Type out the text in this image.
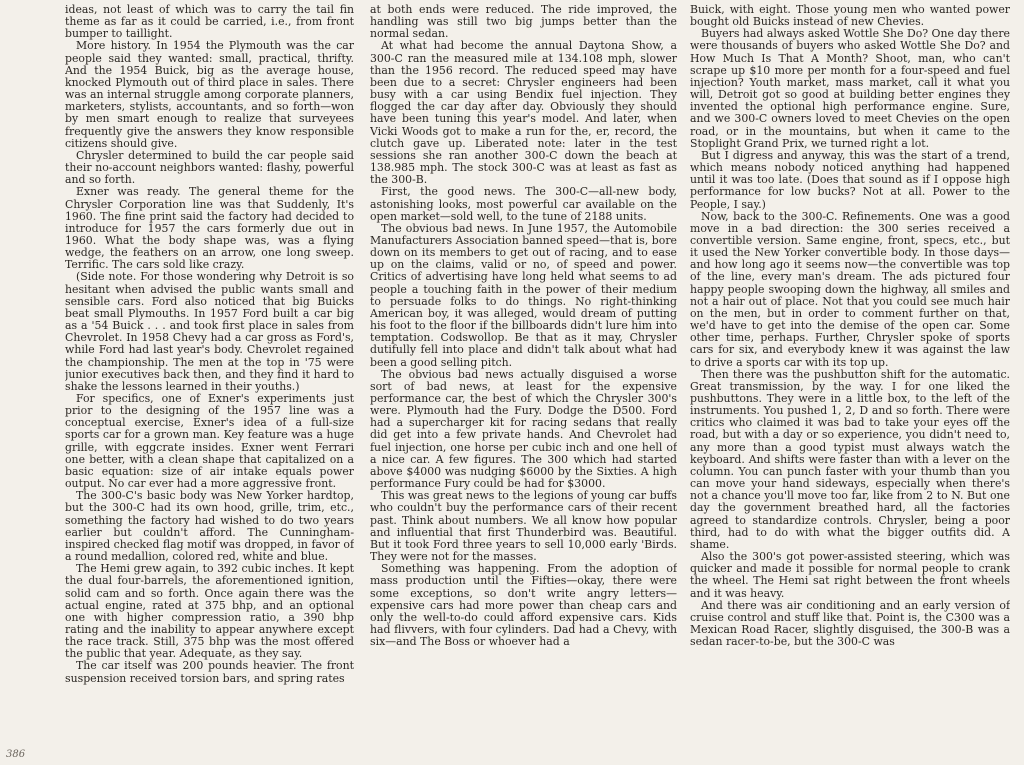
ideas, not least of which was to carry the tail fin theme as far as it could be carried, i.e., from front bumper to taillight.

More history. In 1954 the Plymouth was the car people said they wanted: small, practical, thrifty. And the 1954 Buick, big as the average house, knocked Plymouth out of third place in sales. There was an internal struggle among corporate planners, marketers, stylists, accountants, and so forth—won by men smart enough to realize that surveyees frequently give the answers they know responsible citizens should give.

Chrysler determined to build the car people said their no-account neighbors wanted: flashy, powerful and so forth.

Exner was ready. The general theme for the Chrysler Corporation line was that Suddenly, It's 1960. The fine print said the factory had decided to introduce for 1957 the cars formerly due out in 1960. What the body shape was, was a flying wedge, the feathers on an arrow, one long sweep. Terrific. The cars sold like crazy.

(Side note. For those wondering why Detroit is so hesitant when advised the public wants small and sensible cars. Ford also noticed that big Buicks beat small Plymouths. In 1957 Ford built a car big as a '54 Buick . . . and took first place in sales from Chevrolet. In 1958 Chevy had a car gross as Ford's, while Ford had last year's body. Chevrolet regained the championship. The men at the top in '75 were junior executives back then, and they find it hard to shake the lessons learned in their youths.)

For specifics, one of Exner's experiments just prior to the designing of the 1957 line was a conceptual exercise, Exner's idea of a full-size sports car for a grown man. Key feature was a huge grille, with eggcrate insides. Exner went Ferrari one better, with a clean shape that capitalized on a basic equation: size of air intake equals power output. No car ever had a more aggressive front.

The 300-C's basic body was New Yorker hardtop, but the 300-C had its own hood, grille, trim, etc., something the factory had wished to do two years earlier but couldn't afford. The Cunningham-inspired checked flag motif was dropped, in favor of a round medallion, colored red, white and blue.

The Hemi grew again, to 392 cubic inches. It kept the dual four-barrels, the aforementioned ignition, solid cam and so forth. Once again there was the actual engine, rated at 375 bhp, and an optional one with higher compression ratio, a 390 bhp rating and the inability to appear anywhere except the race track. Still, 375 bhp was the most offered the public that year. Adequate, as they say.

The car itself was 200 pounds heavier. The front suspension received torsion bars, and spring rates

at both ends were reduced. The ride improved, the handling was still two big jumps better than the normal sedan.

At what had become the annual Daytona Show, a 300-C ran the measured mile at 134.108 mph, slower than the 1956 record. The reduced speed may have been due to a secret: Chrysler engineers had been busy with a car using Bendix fuel injection. They flogged the car day after day. Obviously they should have been tuning this year's model. And later, when Vicki Woods got to make a run for the, er, record, the clutch gave up. Liberated note: later in the test sessions she ran another 300-C down the beach at 138.985 mph. The stock 300-C was at least as fast as the 300-B.

First, the good news. The 300-C—all-new body, astonishing looks, most powerful car available on the open market—sold well, to the tune of 2188 units.

The obvious bad news. In June 1957, the Automobile Manufacturers Association banned speed—that is, bore down on its members to get out of racing, and to ease up on the claims, valid or no, of speed and power. Critics of advertising have long held what seems to ad people a touching faith in the power of their medium to persuade folks to do things. No right-thinking American boy, it was alleged, would dream of putting his foot to the floor if the billboards didn't lure him into temptation. Codswollop. Be that as it may, Chrysler dutifully fell into place and didn't talk about what had been a good selling pitch.

The obvious bad news actually disguised a worse sort of bad news, at least for the expensive performance car, the best of which the Chrysler 300's were. Plymouth had the Fury. Dodge the D500. Ford had a supercharger kit for racing sedans that really did get into a few private hands. And Chevrolet had fuel injection, one horse per cubic inch and one hell of a nice car. A few figures. The 300 which had started above $4000 was nudging $6000 by the Sixties. A high performance Fury could be had for $3000.

This was great news to the legions of young car buffs who couldn't buy the performance cars of their recent past. Think about numbers. We all know how popular and influential that first Thunderbird was. Beautiful. But it took Ford three years to sell 10,000 early 'Birds. They were not for the masses.

Something was happening. From the adoption of mass production until the Fifties—okay, there were some exceptions, so don't write angry letters—expensive cars had more power than cheap cars and only the well-to-do could afford expensive cars. Kids had flivvers, with four cylinders. Dad had a Chevy, with six—and The Boss or whoever had a

Buick, with eight. Those young men who wanted power bought old Buicks instead of new Chevies.

Buyers had always asked Wottle She Do? One day there were thousands of buyers who asked Wottle She Do? and How Much Is That A Month? Shoot, man, who can't scrape up $10 more per month for a four-speed and fuel injection? Youth market, mass market, call it what you will, Detroit got so good at building better engines they invented the optional high performance engine. Sure, and we 300-C owners loved to meet Chevies on the open road, or in the mountains, but when it came to the Stoplight Grand Prix, we turned right a lot.

But I digress and anyway, this was the start of a trend, which means nobody noticed anything had happened until it was too late. (Does that sound as if I oppose high performance for low bucks? Not at all. Power to the People, I say.)

Now, back to the 300-C. Refinements. One was a good move in a bad direction: the 300 series received a convertible version. Same engine, front, specs, etc., but it used the New Yorker convertible body. In those days—and how long ago it seems now—the convertible was top of the line, every man's dream. The ads pictured four happy people swooping down the highway, all smiles and not a hair out of place. Not that you could see much hair on the men, but in order to comment further on that, we'd have to get into the demise of the open car. Some other time, perhaps. Further, Chrysler spoke of sports cars for six, and everybody knew it was against the law to drive a sports car with its top up.

Then there was the pushbutton shift for the automatic. Great transmission, by the way. I for one liked the pushbuttons. They were in a little box, to the left of the instruments. You pushed 1, 2, D and so forth. There were critics who claimed it was bad to take your eyes off the road, but with a day or so experience, you didn't need to, any more than a good typist must always watch the keyboard. And shifts were faster than with a lever on the column. You can punch faster with your thumb than you can move your hand sideways, especially when there's not a chance you'll move too far, like from 2 to N. But one day the government breathed hard, all the factories agreed to standardize controls. Chrysler, being a poor third, had to do with what the bigger outfits did. A shame.

Also the 300's got power-assisted steering, which was quicker and made it possible for normal people to crank the wheel. The Hemi sat right between the front wheels and it was heavy.

And there was air conditioning and an early version of cruise control and stuff like that. Point is, the C300 was a Mexican Road Racer, slightly disguised, the 300-B was a sedan racer-to-be, but the 300-C was

386
